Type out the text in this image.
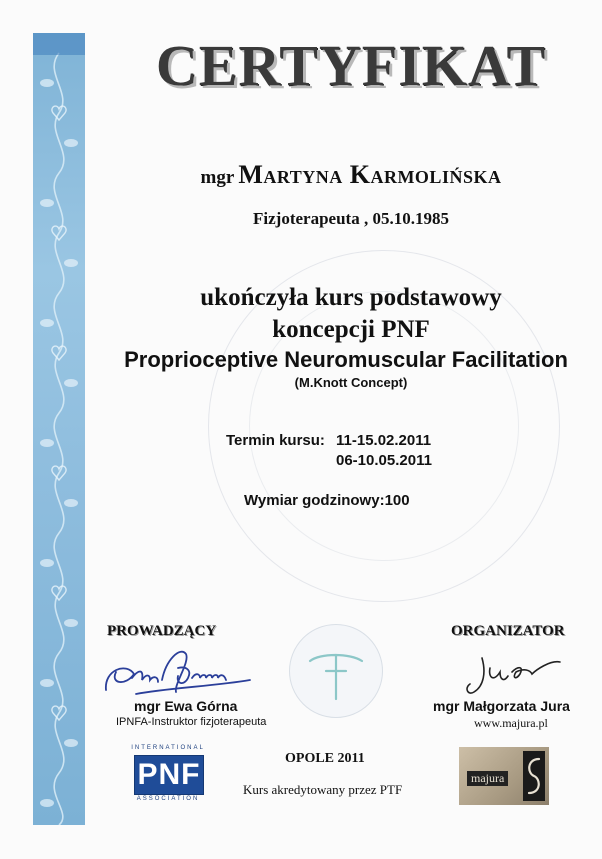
CERTYFIKAT
mgr Martyna Karmolińska
Fizjoterapeuta , 05.10.1985
ukończyła kurs podstawowy
koncepcji PNF
Proprioceptive Neuromuscular Facilitation
(M.Knott Concept)
Termin kursu: 11-15.02.2011
06-10.05.2011
Wymiar godzinowy:100
PROWADZĄCY	ORGANIZATOR
mgr Ewa Górna
IPNFA-Instruktor fizjoterapeuta
mgr Małgorzata Jura
www.majura.pl
INTERNATIONAL
PNF
ASSOCIATION
OPOLE 2011
Kurs akredytowany przez PTF
majura
